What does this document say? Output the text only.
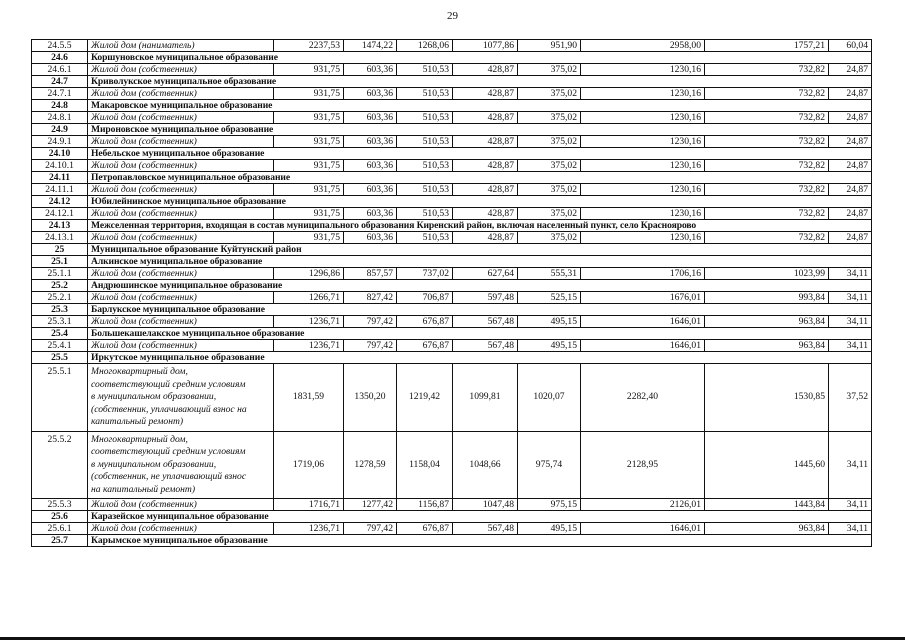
29
24.5.5	Жилой дом (наниматель)	2237,53	1474,22	1268,06	1077,86	951,90	2958,00	1757,21	60,04
24.6	Коршуновское муниципальное образование								
24.6.1	Жилой дом (собственник)	931,75	603,36	510,53	428,87	375,02	1230,16	732,82	24,87
24.7	Криволукское муниципальное образование								
24.7.1	Жилой дом (собственник)	931,75	603,36	510,53	428,87	375,02	1230,16	732,82	24,87
24.8	Макаровское муниципальное образование								
24.8.1	Жилой дом (собственник)	931,75	603,36	510,53	428,87	375,02	1230,16	732,82	24,87
24.9	Мироновское муниципальное образование								
24.9.1	Жилой дом (собственник)	931,75	603,36	510,53	428,87	375,02	1230,16	732,82	24,87
24.10	Небельское муниципальное образование								
24.10.1	Жилой дом (собственник)	931,75	603,36	510,53	428,87	375,02	1230,16	732,82	24,87
24.11	Петропавловское муниципальное образование								
24.11.1	Жилой дом (собственник)	931,75	603,36	510,53	428,87	375,02	1230,16	732,82	24,87
24.12	Юбилейнинское муниципальное образование								
24.12.1	Жилой дом (собственник)	931,75	603,36	510,53	428,87	375,02	1230,16	732,82	24,87
24.13	Межселенная территория, входящая в состав муниципального образования Киренский район, включая населенный пункт, село Красноярово								
24.13.1	Жилой дом (собственник)	931,75	603,36	510,53	428,87	375,02	1230,16	732,82	24,87
25	Муниципальное образование Куйтунский район								
25.1	Алкинское муниципальное образование								
25.1.1	Жилой дом (собственник)	1296,86	857,57	737,02	627,64	555,31	1706,16	1023,99	34,11
25.2	Андрюшинское муниципальное образование								
25.2.1	Жилой дом (собственник)	1266,71	827,42	706,87	597,48	525,15	1676,01	993,84	34,11
25.3	Барлукское муниципальное образование								
25.3.1	Жилой дом (собственник)	1236,71	797,42	676,87	567,48	495,15	1646,01	963,84	34,11
25.4	Большекашелакское муниципальное образование								
25.4.1	Жилой дом (собственник)	1236,71	797,42	676,87	567,48	495,15	1646,01	963,84	34,11
25.5	Иркутское муниципальное образование								
25.5.1	Многоквартирный дом,
соответствующий средним условиям
в муниципальном образовании,
(собственник, уплачивающий взнос на
капитальный ремонт)	1831,59	1350,20	1219,42	1099,81	1020,07	2282,40	1530,85	37,52
25.5.2	Многоквартирный дом,
соответствующий средним условиям
в муниципальном образовании,
(собственник, не уплачивающий взнос
на капитальный ремонт)	1719,06	1278,59	1158,04	1048,66	975,74	2128,95	1445,60	34,11
25.5.3	Жилой дом (собственник)	1716,71	1277,42	1156,87	1047,48	975,15	2126,01	1443,84	34,11
25.6	Каразейское муниципальное образование								
25.6.1	Жилой дом (собственник)	1236,71	797,42	676,87	567,48	495,15	1646,01	963,84	34,11
25.7	Карымское муниципальное образование								
